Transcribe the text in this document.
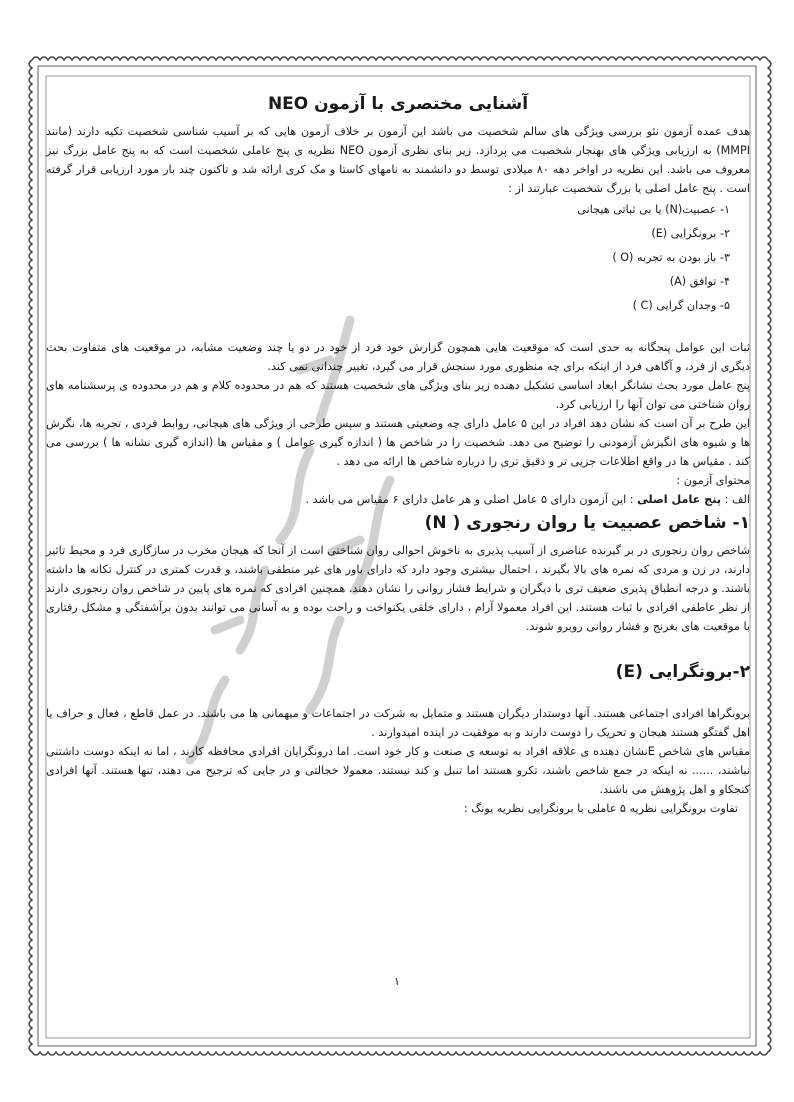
آشنایی مختصری با آزمون NEO

هدف عمده آزمون نئو بررسی ویژگی های سالم شخصیت می باشد این آزمون بر خلاف آزمون هایی که بر آسیب شناسی شخصیت تکیه دارند (مانند MMPI) به ارزیابی ویژگی های بهنجار شخصیت می پردازد. زیر بنای نظری آزمون NEO نظریه ی پنج عاملی شخصیت است که به پنج عامل بزرگ نیز معروف می باشد. این نظریه در اواخر دهه ۸۰ میلادی توسط دو دانشمند به نامهای کاستا و مک کری ارائه شد و تاکنون چند بار مورد ارزیابی قرار گرفته است . پنج عامل اصلی یا بزرگ شخصیت عبارتند از :

۱- عصبیت(N) یا بی ثباتی هیجانی
۲- برونگرایی (E)
۳- باز بودن به تجربه (O )
۴- توافق (A)
۵- وجدان گرایی (C )

ثبات این عوامل پنجگانه به حدی است که موقعیت هایی همچون گزارش خود فرد از خود در دو یا چند وضعیت مشابه، در موقعیت های متفاوت بحث دیگری از فرد، و آگاهی فرد از اینکه برای چه منظوری مورد سنجش قرار می گیرد، تغییر چندانی نمی کند.

پنج عامل مورد بحث نشانگر ابعاد اساسی تشکیل دهنده زیر بنای ویژگی های شخصیت هستند که هم در محدوده کلام و هم در محدوده ی پرسشنامه های روان شناختی می توان آنها را ارزیابی کرد.

این طرح بر آن است که نشان دهد افراد در این ۵ عامل دارای چه وضعیتی هستند و سپس طرحی از ویژگی های هیجانی، روابط فردی ، تجربه ها، نگرش ها و شیوه های انگیزش آزمودنی را توضیح می دهد. شخصیت را در شاخص ها ( اندازه گیری عوامل ) و مقیاس ها (اندازه گیری نشانه ها ) بررسی می کند . مقیاس ها در واقع اطلاعات جزیی تر و دقیق تری را درباره شاخص ها ارائه می دهد .

محتوای آزمون :

الف : پنج عامل اصلی : این آزمون دارای ۵ عامل اصلی و هر عامل دارای ۶ مقیاس می باشد .

۱- شاخص عصبیت یا روان رنجوری ( N)

شاخص روان رنجوری در بر گیرنده عناصری از آسیب پذیری به ناخوش احوالی روان شناختی است از آنجا که هیجان مخرب در سازگاری فرد و محیط تاثیر دارند، در زن و مردی که نمره های بالا بگیرند ، احتمال بیشتری وجود دارد که دارای باور های غیر منطقی باشند، و قدرت کمتری در کنترل تکانه ها داشته باشند. و درجه انطباق پذیری ضعیف تری با دیگران و شرایط فشار روانی را نشان دهند. همچنین افرادی که نمره های پایین در شاخص روان رنجوری دارند از نظر عاطفی افرادی با ثبات هستند. این افراد معمولا آرام ، دارای خلقی یکنواخت و راحت بوده و به آسانی می توانند بدون برآشفتگی و مشکل رفتاری با موقعیت های بغرنج و فشار روانی روبرو شوند.

۲-برونگرایی (E)

برونگراها افرادی اجتماعی هستند. آنها دوستدار دیگران هستند و متمایل به شرکت در اجتماعات و میهمانی ها می باشند. در عمل قاطع ، فعال و حراف یا اهل گفتگو هستند هیجان و تحریک را دوست دارند و به موفقیت در اینده امیدوارند .

مقیاس های شاخص Eنشان دهنده ی علاقه افراد به توسعه ی صنعت و کار خود است. اما درونگرایان افرادی محافظه کارند ، اما نه اینکه دوست داشتنی نباشند، ...... نه اینکه در جمع شاخص باشند، تکرو هستند اما تنبل و کند نیستند. معمولا خجالتی و در جایی که ترجیح می دهند، تنها هستند. آنها افرادی کنجکاو و اهل پژوهش می باشند.

تفاوت برونگرایی نظریه ۵ عاملی با برونگرایی نظریه یونگ :

۱
